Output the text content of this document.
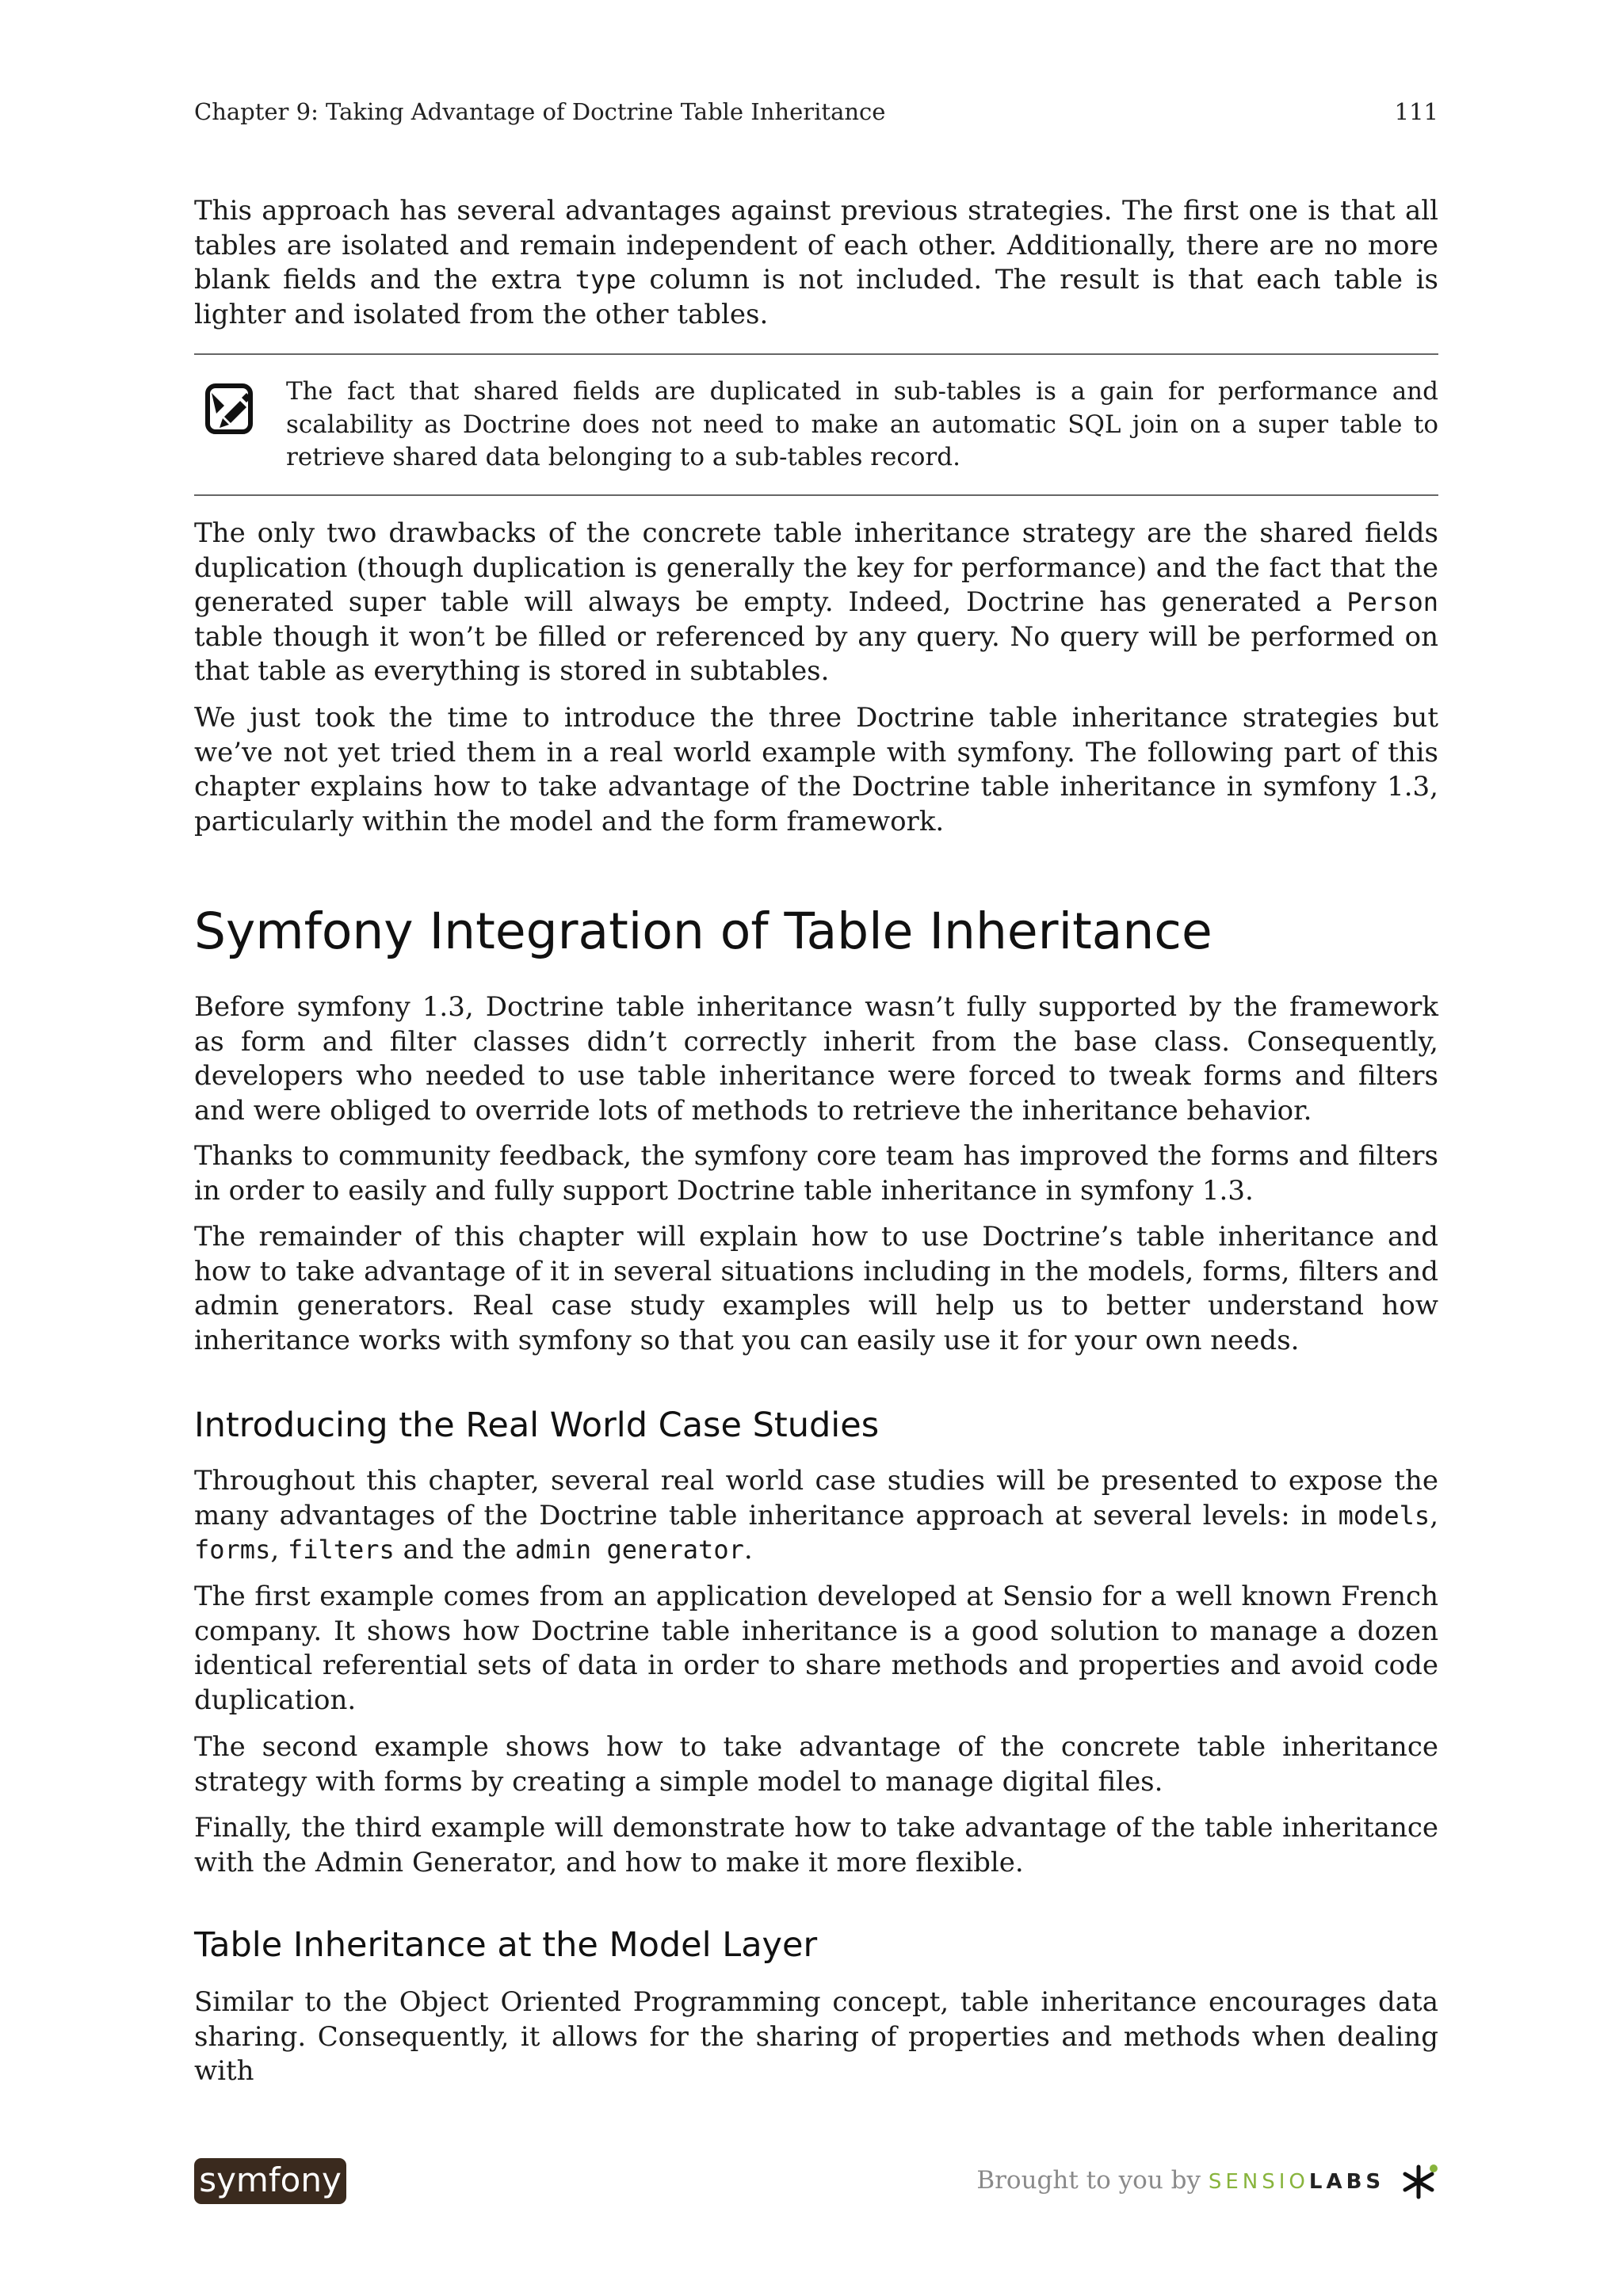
Chapter 9: Taking Advantage of Doctrine Table Inheritance	111

This approach has several advantages against previous strategies. The first one is that all tables are isolated and remain independent of each other. Additionally, there are no more blank fields and the extra type column is not included. The result is that each table is lighter and isolated from the other tables.

The fact that shared fields are duplicated in sub-tables is a gain for performance and scalability as Doctrine does not need to make an automatic SQL join on a super table to retrieve shared data belonging to a sub-tables record.

The only two drawbacks of the concrete table inheritance strategy are the shared fields duplication (though duplication is generally the key for performance) and the fact that the generated super table will always be empty. Indeed, Doctrine has generated a Person table though it won’t be filled or referenced by any query. No query will be performed on that table as everything is stored in subtables.

We just took the time to introduce the three Doctrine table inheritance strategies but we’ve not yet tried them in a real world example with symfony. The following part of this chapter explains how to take advantage of the Doctrine table inheritance in symfony 1.3, particularly within the model and the form framework.

Symfony Integration of Table Inheritance

Before symfony 1.3, Doctrine table inheritance wasn’t fully supported by the framework as form and filter classes didn’t correctly inherit from the base class. Consequently, developers who needed to use table inheritance were forced to tweak forms and filters and were obliged to override lots of methods to retrieve the inheritance behavior.

Thanks to community feedback, the symfony core team has improved the forms and filters in order to easily and fully support Doctrine table inheritance in symfony 1.3.

The remainder of this chapter will explain how to use Doctrine’s table inheritance and how to take advantage of it in several situations including in the models, forms, filters and admin generators. Real case study examples will help us to better understand how inheritance works with symfony so that you can easily use it for your own needs.

Introducing the Real World Case Studies

Throughout this chapter, several real world case studies will be presented to expose the many advantages of the Doctrine table inheritance approach at several levels: in models, forms, filters and the admin generator.

The first example comes from an application developed at Sensio for a well known French company. It shows how Doctrine table inheritance is a good solution to manage a dozen identical referential sets of data in order to share methods and properties and avoid code duplication.

The second example shows how to take advantage of the concrete table inheritance strategy with forms by creating a simple model to manage digital files.

Finally, the third example will demonstrate how to take advantage of the table inheritance with the Admin Generator, and how to make it more flexible.

Table Inheritance at the Model Layer

Similar to the Object Oriented Programming concept, table inheritance encourages data sharing. Consequently, it allows for the sharing of properties and methods when dealing with

symfony	Brought to you by SENSIOLABS
